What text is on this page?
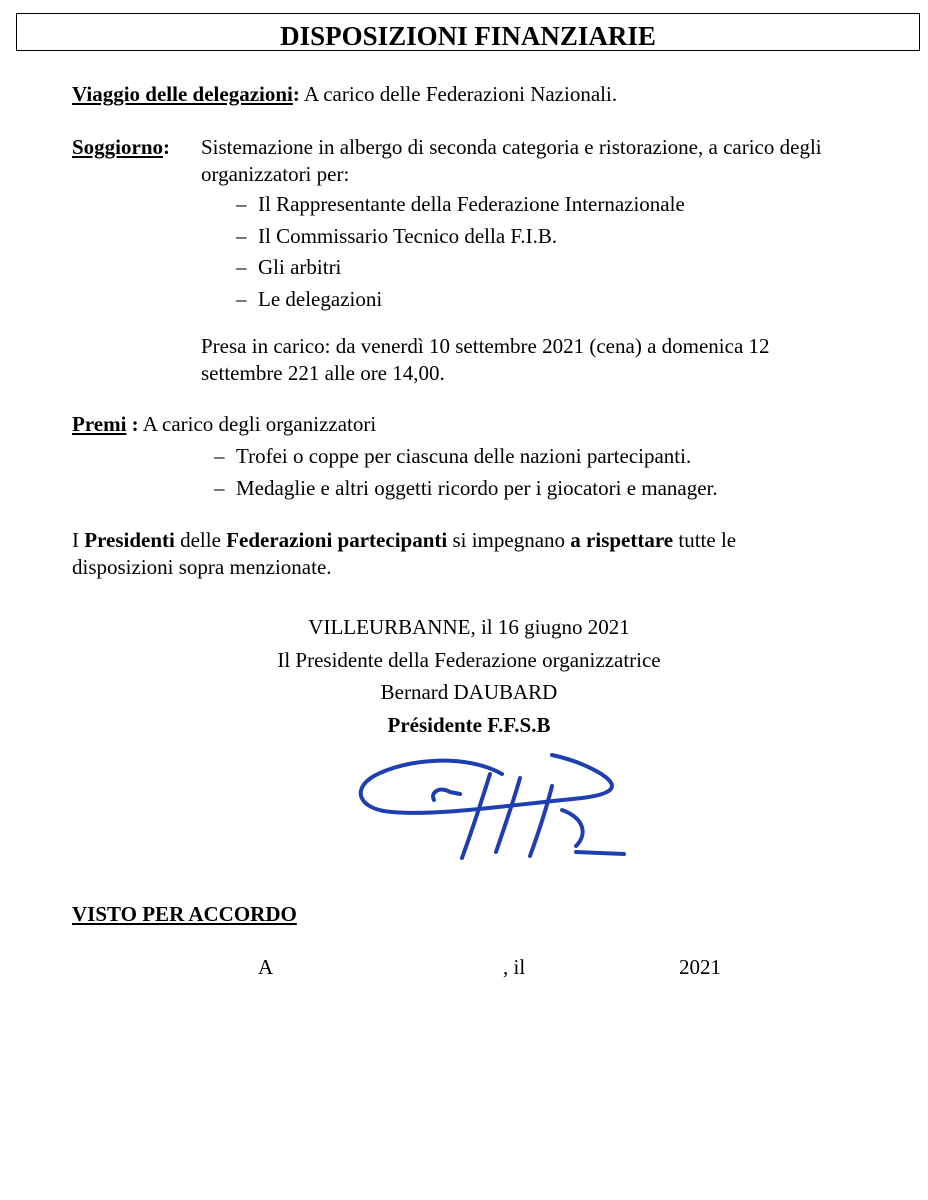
DISPOSIZIONI FINANZIARIE
Viaggio delle delegazioni: A carico delle Federazioni Nazionali.
Soggiorno: Sistemazione in albergo di seconda categoria e ristorazione, a carico degli
organizzatori per:
– Il Rappresentante della Federazione Internazionale
– Il Commissario Tecnico della F.I.B.
– Gli arbitri
– Le delegazioni
Presa in carico: da venerdì 10 settembre 2021 (cena) a domenica 12
settembre 221 alle ore 14,00.
Premi : A carico degli organizzatori
– Trofei o coppe per ciascuna delle nazioni partecipanti.
– Medaglie e altri oggetti ricordo per i giocatori e manager.
I Presidenti delle Federazioni partecipanti si impegnano a rispettare tutte le
disposizioni sopra menzionate.
VILLEURBANNE, il 16 giugno 2021
Il Presidente della Federazione organizzatrice
Bernard DAUBARD
Présidente F.F.S.B
VISTO PER ACCORDO
A	, il	2021
